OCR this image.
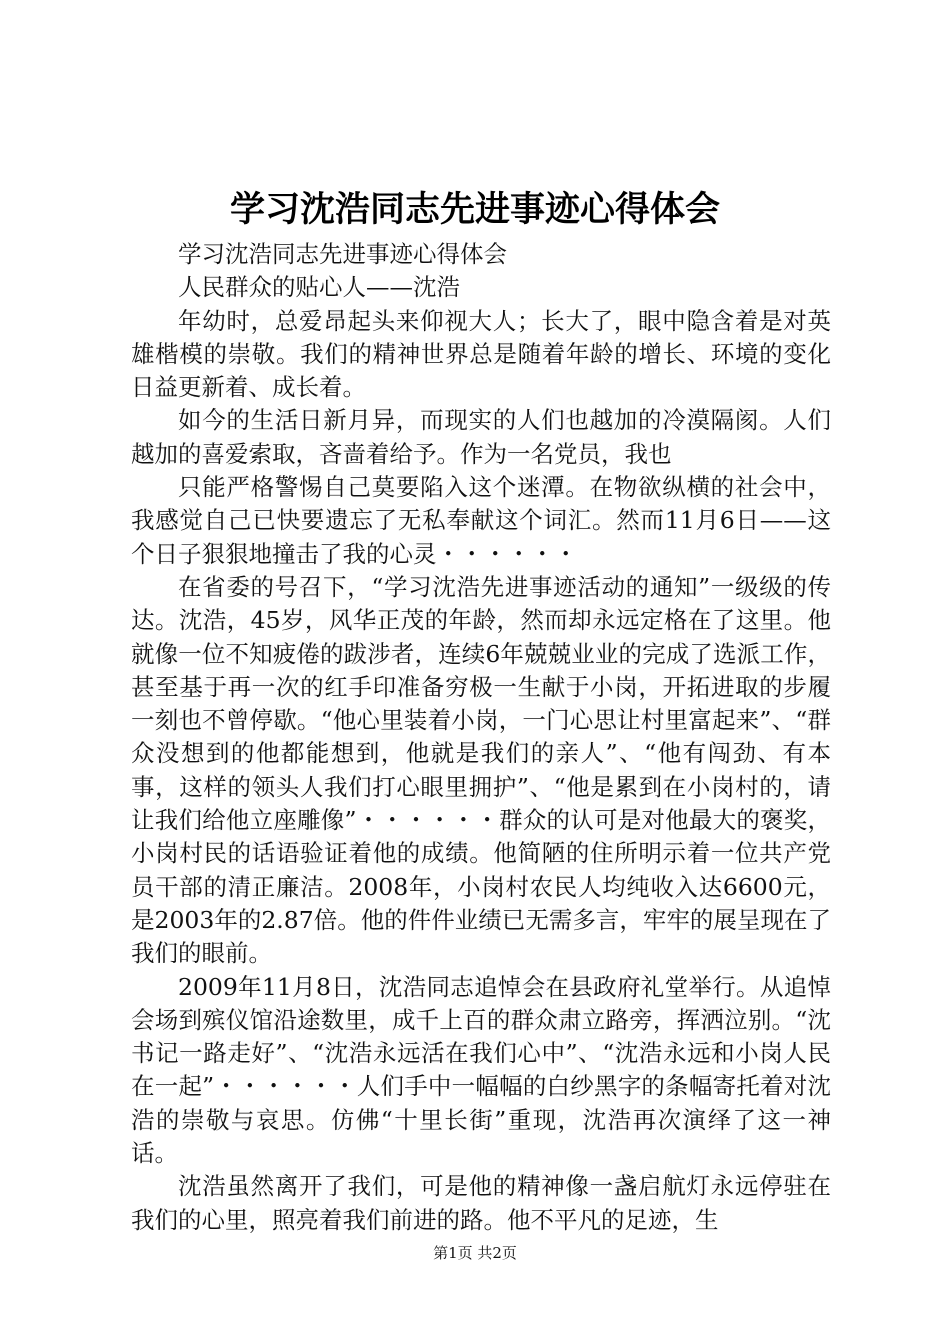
学习沈浩同志先进事迹心得体会

学习沈浩同志先进事迹心得体会

人民群众的贴心人——沈浩

年幼时，总爱昂起头来仰视大人；长大了，眼中隐含着是对英雄楷模的崇敬。我们的精神世界总是随着年龄的增长、环境的变化日益更新着、成长着。

如今的生活日新月异，而现实的人们也越加的冷漠隔阂。人们越加的喜爱索取，吝啬着给予。作为一名党员，我也

只能严格警惕自己莫要陷入这个迷潭。在物欲纵横的社会中，我感觉自己已快要遗忘了无私奉献这个词汇。然而11月6日——这个日子狠狠地撞击了我的心灵・・・・・・

在省委的号召下，“学习沈浩先进事迹活动的通知”一级级的传达。沈浩，45岁，风华正茂的年龄，然而却永远定格在了这里。他就像一位不知疲倦的跋涉者，连续6年兢兢业业的完成了选派工作，甚至基于再一次的红手印准备穷极一生献于小岗，开拓进取的步履一刻也不曾停歇。“他心里装着小岗，一门心思让村里富起来”、“群众没想到的他都能想到，他就是我们的亲人”、“他有闯劲、有本事，这样的领头人我们打心眼里拥护”、“他是累到在小岗村的，请让我们给他立座雕像”・・・・・・群众的认可是对他最大的褒奖，小岗村民的话语验证着他的成绩。他简陋的住所明示着一位共产党员干部的清正廉洁。2008年，小岗村农民人均纯收入达6600元，是2003年的2.87倍。他的件件业绩已无需多言，牢牢的展呈现在了我们的眼前。

2009年11月8日，沈浩同志追悼会在县政府礼堂举行。从追悼会场到殡仪馆沿途数里，成千上百的群众肃立路旁，挥洒泣别。“沈书记一路走好”、“沈浩永远活在我们心中”、“沈浩永远和小岗人民在一起”・・・・・・人们手中一幅幅的白纱黑字的条幅寄托着对沈浩的崇敬与哀思。仿佛“十里长街”重现，沈浩再次演绎了这一神话。

沈浩虽然离开了我们，可是他的精神像一盏启航灯永远停驻在我们的心里，照亮着我们前进的路。他不平凡的足迹，生

第1页 共2页
